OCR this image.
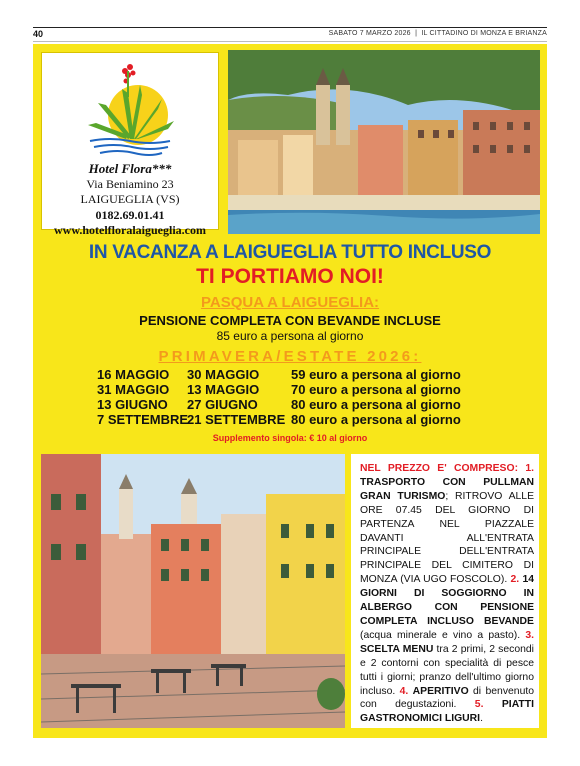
40	SABATO 7 MARZO 2026  |  IL CITTADINO DI MONZA E BRIANZA
Hotel Flora***
Via Beniamino 23
LAIGUEGLIA (VS)
0182.69.01.41
www.hotelfloralaigueglia.com
IN VACANZA A LAIGUEGLIA TUTTO INCLUSO
TI PORTIAMO NOI!
PASQUA A LAIGUEGLIA:
PENSIONE COMPLETA CON BEVANDE INCLUSE
85 euro a persona al giorno
PRIMAVERA/ESTATE 2026:
16 MAGGIO 30 MAGGIO 59 euro a persona al giorno
31 MAGGIO 13 MAGGIO 70 euro a persona al giorno
13 GIUGNO 27 GIUGNO	80 euro a persona al giorno
7 SETTEMBRE
21 SETTEMBRE 80 euro a persona al giorno
Supplemento singola: € 10 al giorno
NEL PREZZO E' COMPRESO: 1. TRASPORTO CON PULLMAN GRAN TURISMO; RITROVO ALLE ORE 07.45 DEL GIORNO DI PARTENZA NEL PIAZZALE DAVANTI ALL'ENTRATA PRINCIPALE DELL'ENTRATA PRINCIPALE DEL CIMITERO DI MONZA (VIA UGO FOSCOLO). 2. 14 GIORNI DI SOGGIORNO IN ALBERGO CON PENSIONE COMPLETA INCLUSO BEVANDE (acqua minerale e vino a pasto). 3. SCELTA MENU tra 2 primi, 2 secondi e 2 contorni con specialità di pesce tutti i giorni; pranzo dell'ultimo giorno incluso. 4. APERITIVO di benvenuto con degustazioni. 5. PIATTI GASTRONOMICI LIGURI.
